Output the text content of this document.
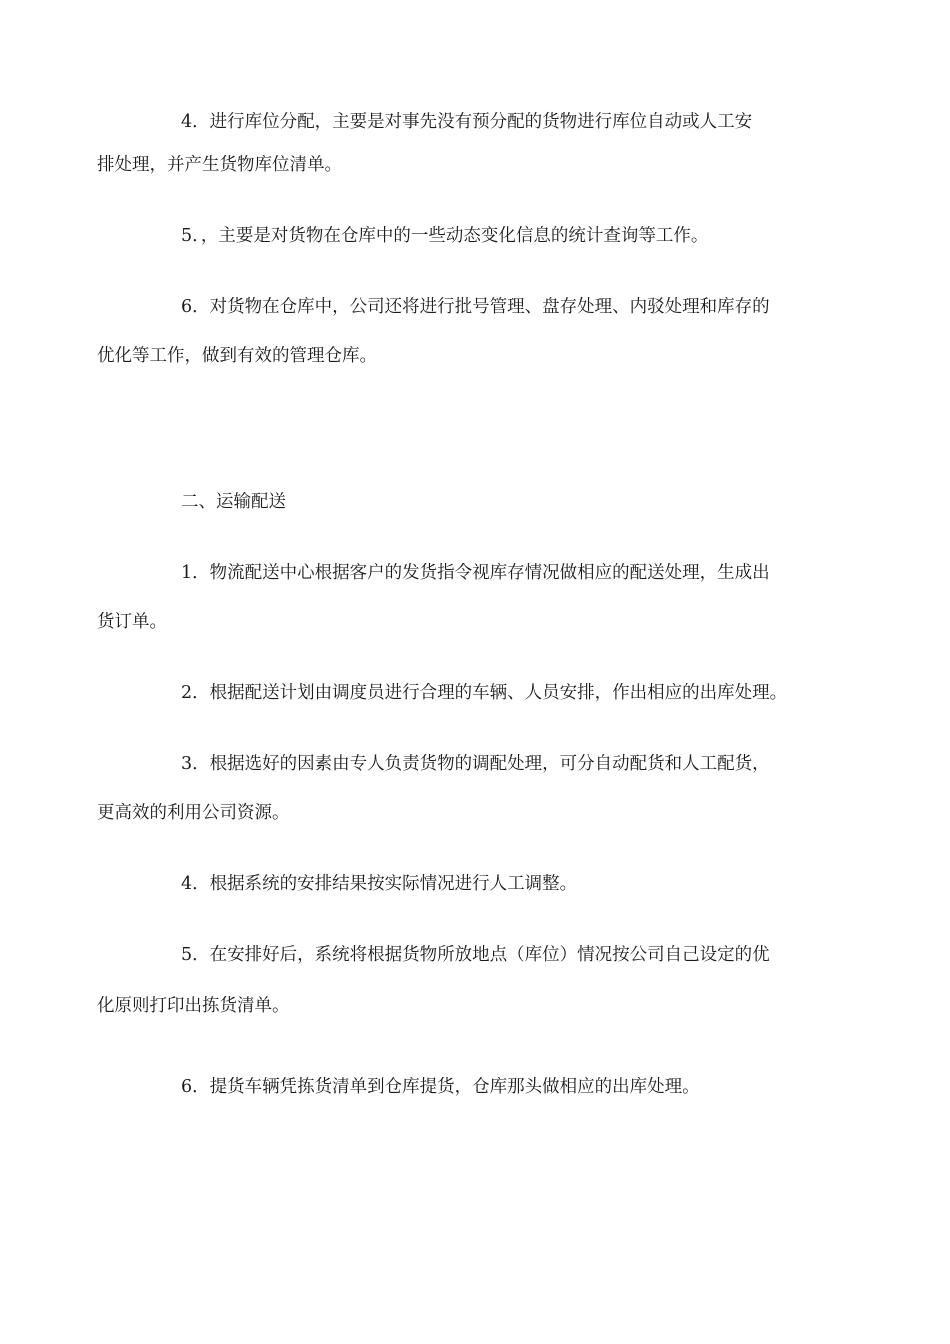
4．进行库位分配，主要是对事先没有预分配的货物进行库位自动或人工安
排处理，并产生货物库位清单。
5．，主要是对货物在仓库中的一些动态变化信息的统计查询等工作。
6．对货物在仓库中，公司还将进行批号管理、盘存处理、内驳处理和库存的
优化等工作，做到有效的管理仓库。
二、运输配送
1．物流配送中心根据客户的发货指令视库存情况做相应的配送处理，生成出
货订单。
2．根据配送计划由调度员进行合理的车辆、人员安排，作出相应的出库处理。
3．根据选好的因素由专人负责货物的调配处理，可分自动配货和人工配货，
更高效的利用公司资源。
4．根据系统的安排结果按实际情况进行人工调整。
5．在安排好后，系统将根据货物所放地点（库位）情况按公司自己设定的优
化原则打印出拣货清单。
6．提货车辆凭拣货清单到仓库提货，仓库那头做相应的出库处理。
